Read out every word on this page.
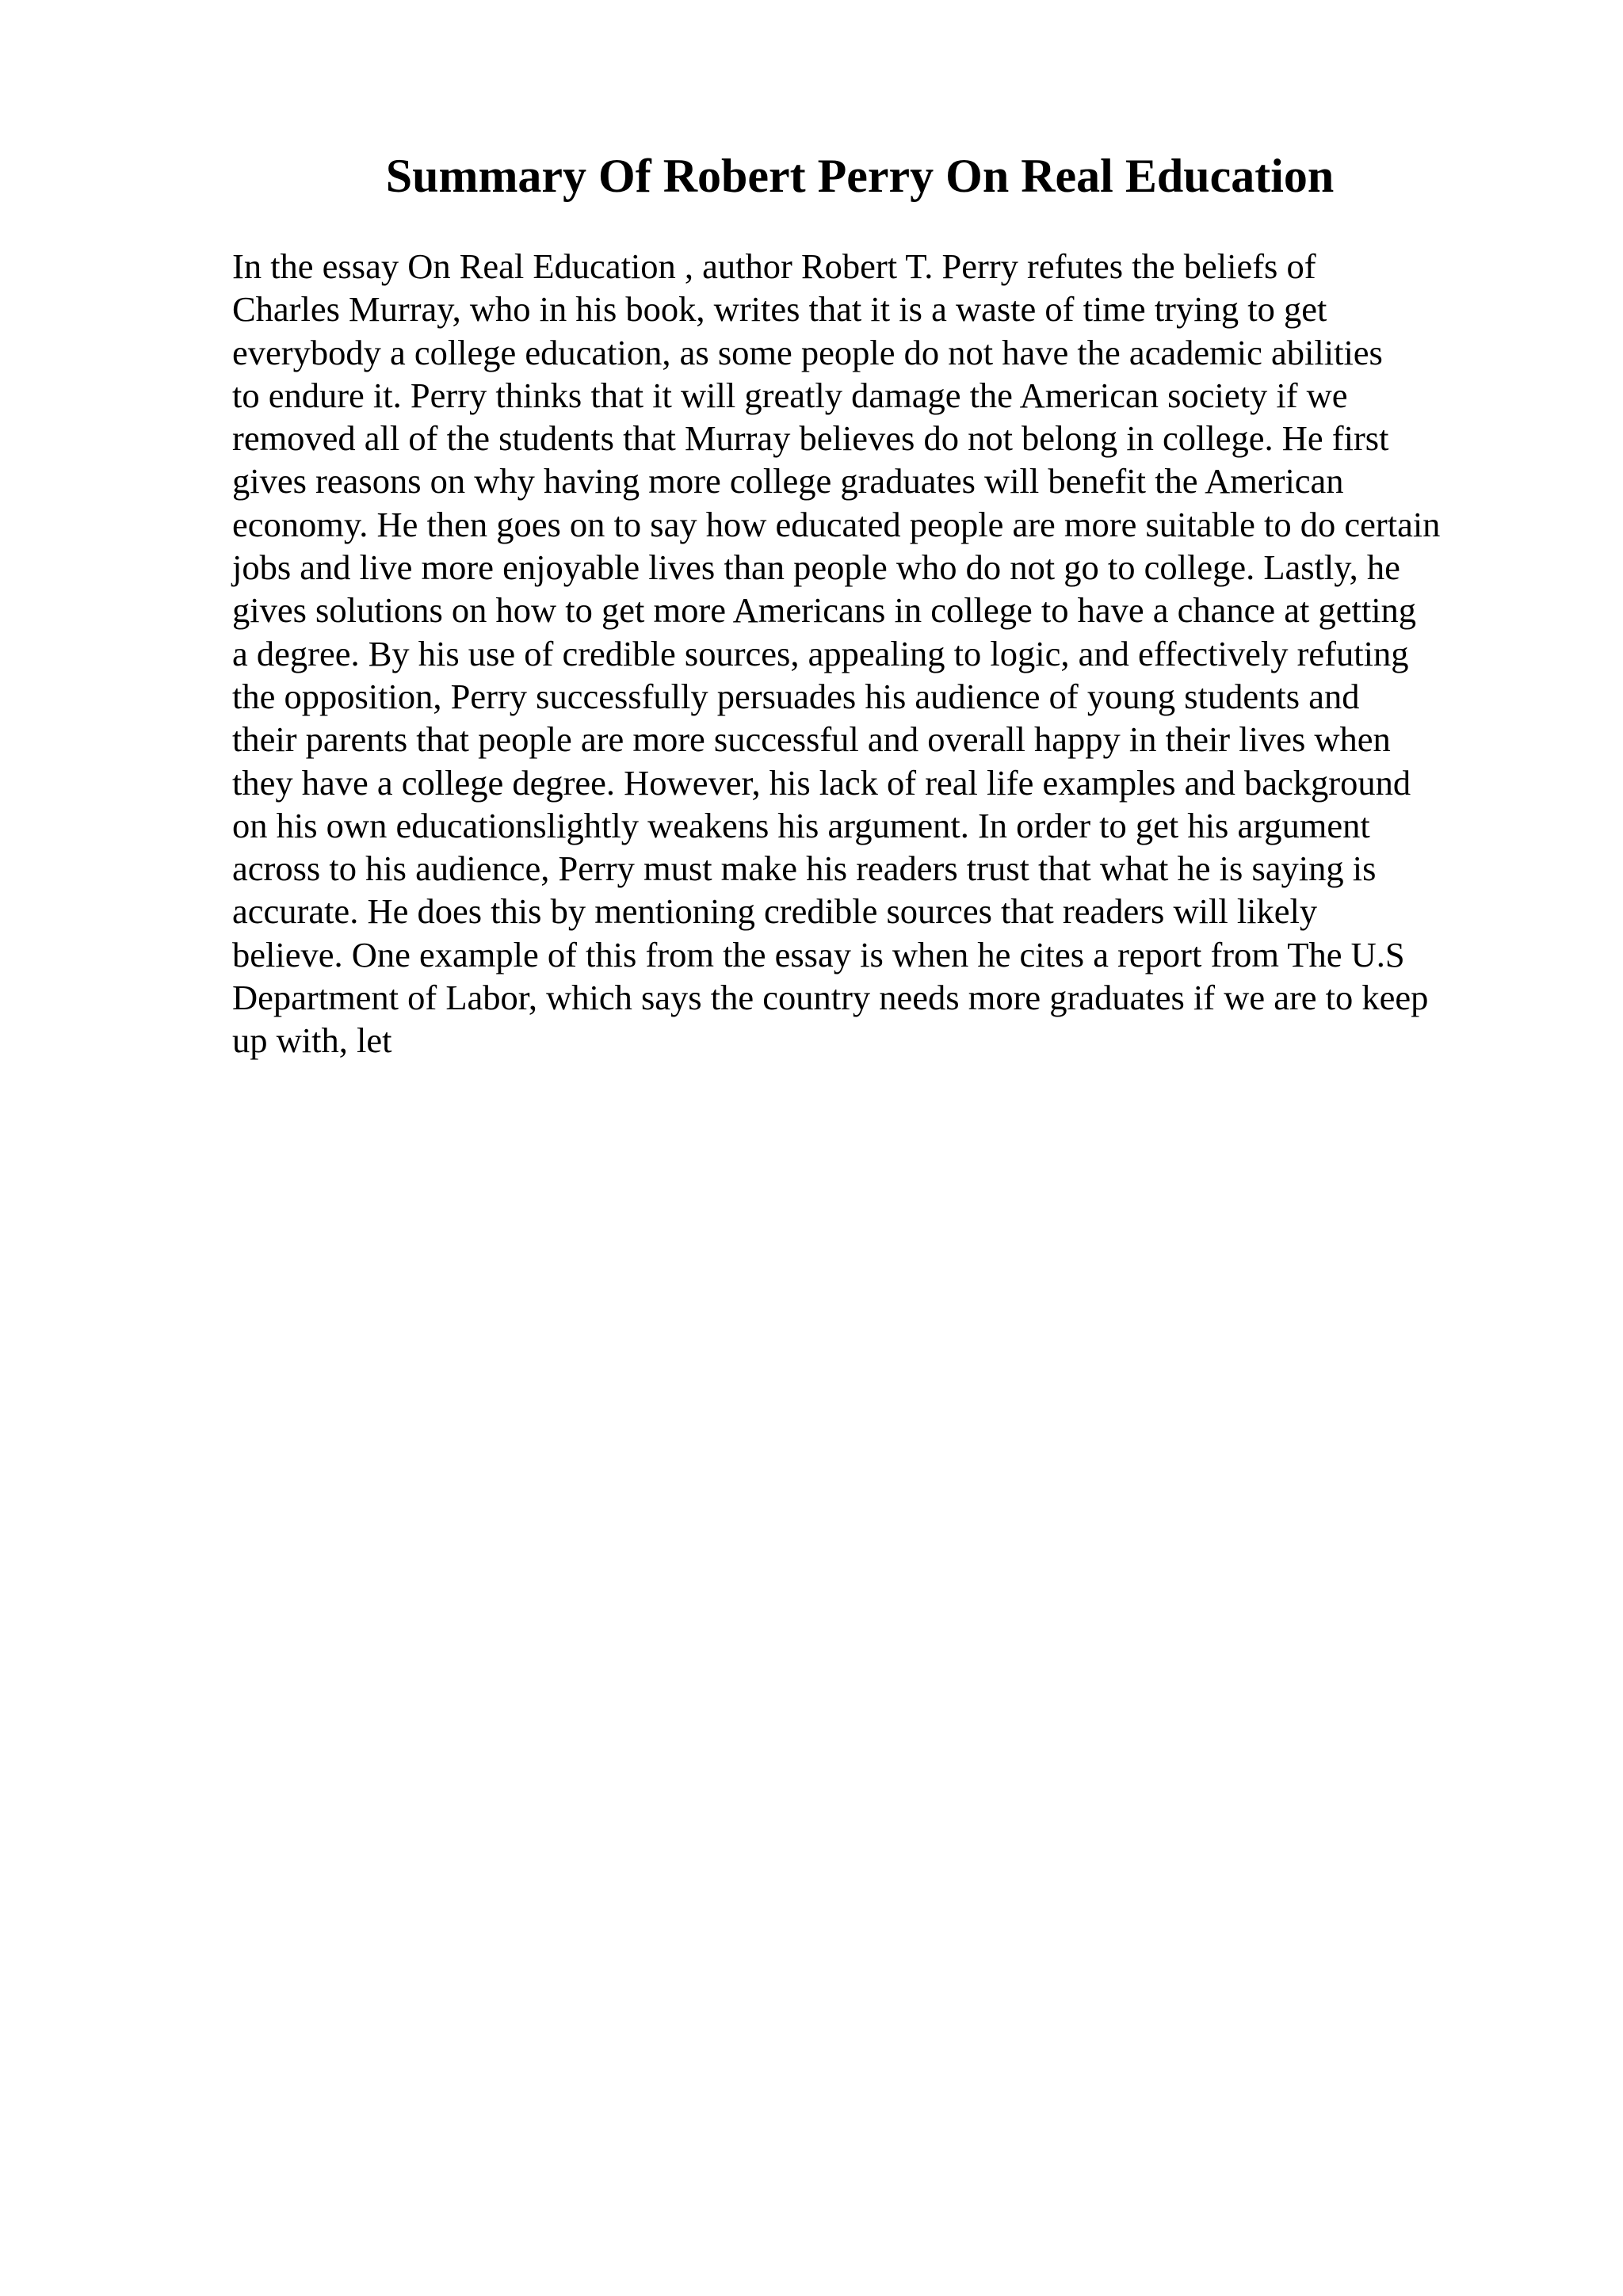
Summary Of Robert Perry On Real Education
In the essay On Real Education , author Robert T. Perry refutes the beliefs of
Charles Murray, who in his book, writes that it is a waste of time trying to get
everybody a college education, as some people do not have the academic abilities
to endure it. Perry thinks that it will greatly damage the American society if we
removed all of the students that Murray believes do not belong in college. He first
gives reasons on why having more college graduates will benefit the American
economy. He then goes on to say how educated people are more suitable to do certain
jobs and live more enjoyable lives than people who do not go to college. Lastly, he
gives solutions on how to get more Americans in college to have a chance at getting
a degree. By his use of credible sources, appealing to logic, and effectively refuting
the opposition, Perry successfully persuades his audience of young students and
their parents that people are more successful and overall happy in their lives when
they have a college degree. However, his lack of real life examples and background
on his own educationslightly weakens his argument. In order to get his argument
across to his audience, Perry must make his readers trust that what he is saying is
accurate. He does this by mentioning credible sources that readers will likely
believe. One example of this from the essay is when he cites a report from The U.S
Department of Labor, which says the country needs more graduates if we are to keep
up with, let
